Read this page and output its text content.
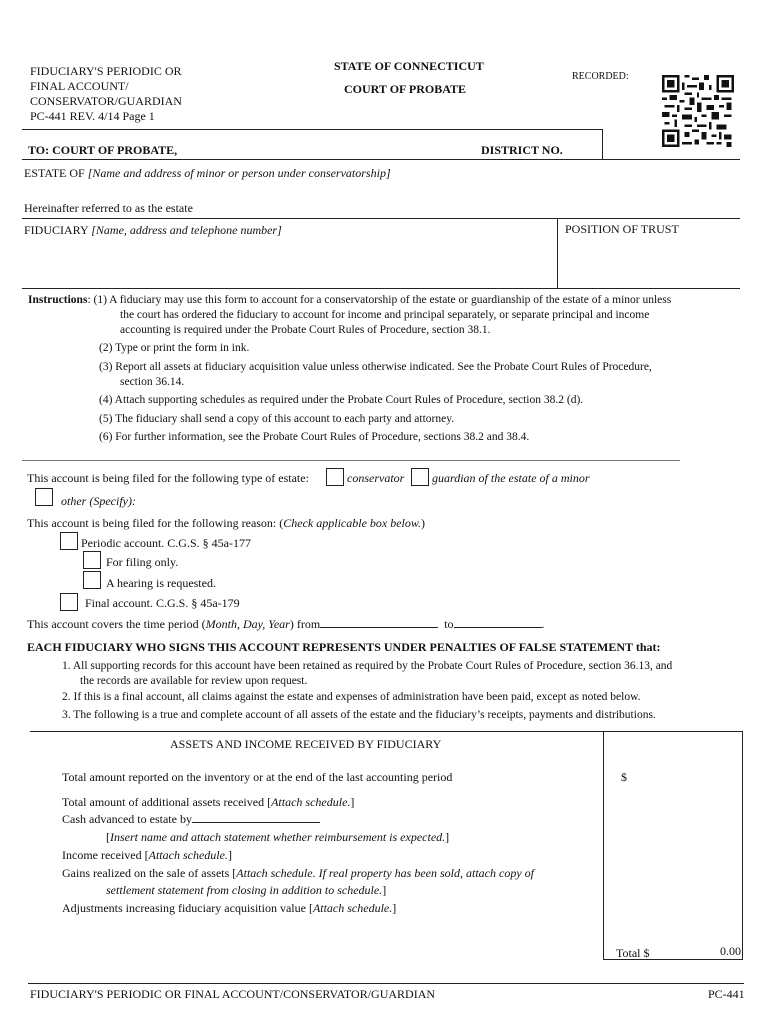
FIDUCIARY'S PERIODIC OR
FINAL ACCOUNT/
CONSERVATOR/GUARDIAN
PC-441 REV. 4/14 Page 1
STATE OF CONNECTICUT
COURT OF PROBATE
RECORDED:
TO: COURT OF PROBATE,	DISTRICT NO.
ESTATE OF [Name and address of minor or person under conservatorship]
Hereinafter referred to as the estate
FIDUCIARY [Name, address and telephone number]	POSITION OF TRUST
Instructions: (1) A fiduciary may use this form to account for a conservatorship of the estate or guardianship of the estate of a minor unless
the court has ordered the fiduciary to account for income and principal separately, or separate principal and income
accounting is required under the Probate Court Rules of Procedure, section 38.1.
(2) Type or print the form in ink.
(3) Report all assets at fiduciary acquisition value unless otherwise indicated. See the Probate Court Rules of Procedure,
section 36.14.
(4) Attach supporting schedules as required under the Probate Court Rules of Procedure, section 38.2 (d).
(5) The fiduciary shall send a copy of this account to each party and attorney.
(6) For further information, see the Probate Court Rules of Procedure, sections 38.2 and 38.4.
This account is being filed for the following type of estate:	conservator guardian of the estate of a minor
other (Specify):
This account is being filed for the following reason: (Check applicable box below.)
Periodic account. C.G.S. § 45a-177
For filing only.
A hearing is requested.
Final account. C.G.S. § 45a-179
This account covers the time period (Month, Day, Year) from	to	.
EACH FIDUCIARY WHO SIGNS THIS ACCOUNT REPRESENTS UNDER PENALTIES OF FALSE STATEMENT that:
1. All supporting records for this account have been retained as required by the Probate Court Rules of Procedure, section 36.13, and
the records are available for review upon request.
2. If this is a final account, all claims against the estate and expenses of administration have been paid, except as noted below.
3. The following is a true and complete account of all assets of the estate and the fiduciary’s receipts, payments and distributions.
ASSETS AND INCOME RECEIVED BY FIDUCIARY
Total amount reported on the inventory or at the end of the last accounting period	$
Total amount of additional assets received [Attach schedule.]
Cash advanced to estate by
[Insert name and attach statement whether reimbursement is expected.]
Income received [Attach schedule.]
Gains realized on the sale of assets [Attach schedule. If real property has been sold, attach copy of
settlement statement from closing in addition to schedule.]
Adjustments increasing fiduciary acquisition value [Attach schedule.]
Total $	0.00
FIDUCIARY'S PERIODIC OR FINAL ACCOUNT/CONSERVATOR/GUARDIAN	PC-441
